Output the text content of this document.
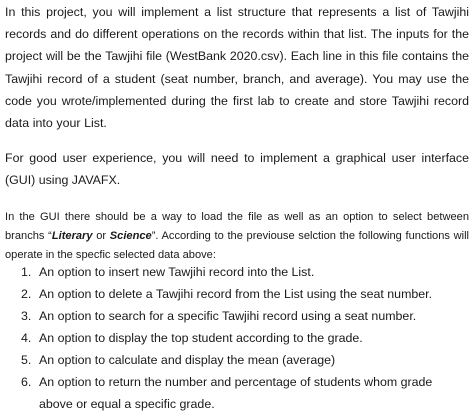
In this project, you will implement a list structure that represents a list of Tawjihi records and do different operations on the records within that list. The inputs for the project will be the Tawjihi file (WestBank 2020.csv). Each line in this file contains the Tawjihi record of a student (seat number, branch, and average). You may use the code you wrote/implemented during the first lab to create and store Tawjihi record data into your List.

For good user experience, you will need to implement a graphical user interface (GUI) using JAVAFX.

In the GUI there should be a way to load the file as well as an option to select between branchs “Literary or Science”. According to the previouse selction the following functions will operate in the specfic selected data above:

1. An option to insert new Tawjihi record into the List.
2. An option to delete a Tawjihi record from the List using the seat number.
3. An option to search for a specific Tawjihi record using a seat number.
4. An option to display the top student according to the grade.
5. An option to calculate and display the mean (average)
6. An option to return the number and percentage of students whom grade above or equal a specific grade.
